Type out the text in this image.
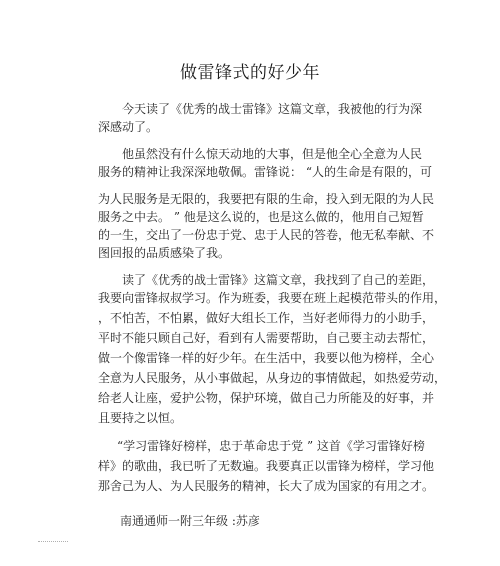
做雷锋式的好少年
今天读了《优秀的战士雷锋》这篇文章，我被他的行为深
深感动了。
他虽然没有什么惊天动地的大事，但是他全心全意为人民
服务的精神让我深深地敬佩。雷锋说： “人的生命是有限的，可
为人民服务是无限的，我要把有限的生命，投入到无限的为人民
服务之中去。 ” 他是这么说的，也是这么做的，他用自己短暂
的一生，交出了一份忠于党、忠于人民的答卷，他无私奉献、不
图回报的品质感染了我。
读了《优秀的战士雷锋》这篇文章，我找到了自己的差距，
我要向雷锋叔叔学习。作为班委，我要在班上起模范带头的作用，
，不怕苦，不怕累，做好大组长工作，当好老师得力的小助手，
平时不能只顾自己好，看到有人需要帮助，自己要主动去帮忙，
做一个像雷锋一样的好少年。在生活中，我要以他为榜样，全心
全意为人民服务，从小事做起，从身边的事情做起，如热爱劳动，
给老人让座，爱护公物，保护环境，做自己力所能及的好事，并
且要持之以恒。
“学习雷锋好榜样，忠于革命忠于党 ” 这首《学习雷锋好榜
样》的歌曲，我已听了无数遍。我要真正以雷锋为榜样，学习他
那舍己为人、为人民服务的精神，长大了成为国家的有用之才。
南通通师一附三年级 :苏彦
